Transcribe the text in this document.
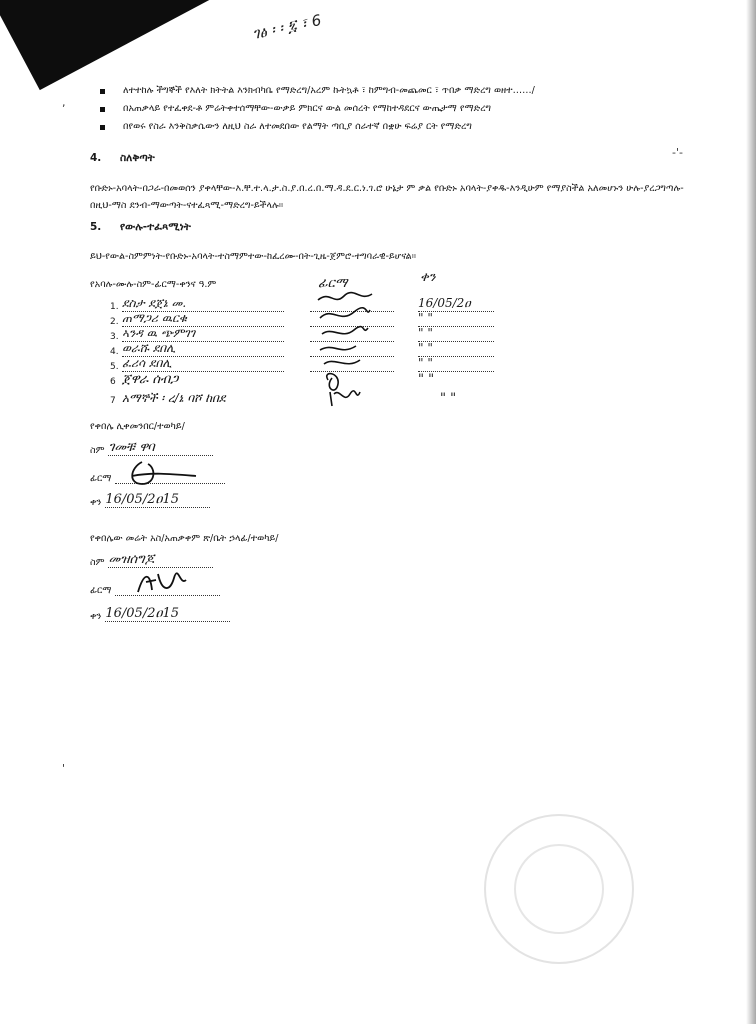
ገፅ ፡ ፡ ፯ ፣ 6
ለተተከሉ ችግኞች የእለት ክትትል እንክብካቤ የማድረግ/አረም ኩትኳቶ ፣ ከምግብ-መጨመር ፣ ጥበቃ ማድረግ ወዘተ……/
በአጠቃላይ የተፈቀደ-ቶ ምሬትቀተሰማቸው-ውቃይ ምክርና ውል መሰረት የማከተዳደርና ውጤታማ የማድረግ
በየወሩ የስራ እንቅስቃሴውን ለዚህ ስራ ለተመደበው የልማት ጣቢያ ሰራተኛ በቋሁ ፍሬያ ርት የማድረግ
4. ስለቅጣት
የቡድኑ-አባላት-በጋራ-በመወሰን ያቀላቸው-እ.ቸ.ተ.ላ.ታ.ስ.ያ.በ.ረ.በ.ማ.ዳ.ደ.ር.ነ.ገ.ሮ ሁኔታ ም ቃል የቡድኑ አባላት-ያቀዱ-እንዲሁም የማያስችል አለመሆኑን ሁሉ-ያረጋግጣሉ-በዚህ-ማስ ደንብ-ማውጣት-ናተፈጻሚ-ማድረግ-ይችላሉ።
5. የውሉ-ተፈጻሚነት
ይህ-የውል-ስምምነት-የቡድኑ-አባላት-ተስማምተው-ከፈረሙ-በት-ጊዜ-ጀምሮ-ተግባራዊ-ይሆናል።
የአባሉ-ሙሉ-ስም-ፊርማ-ቀንና ዓ.ም	ፊርማ	ቀን
1. ደስታ ደጀኔ መ.	16/05/2ዐ
2. ጠማጋሪ ዉርቁ	" "
3. ኣንዳ ዉ ጭምገገ	" "
4. ወራሹ ደበሊ	" "
5. ፈሪሳ ደበሊ	" "
6 ጀዋራ ሰብጋ	" "
7 አማኞች ፡ ረ/ኔ ባሾ ከበደ	" "
የቀበሌ ሊቀመንበር/ተወካይ/
ስም ገመቹ ዋባ
ፊርማ
ቀን 16/05/2ዐ15
የቀበሌው መሬት አስ/አጠቃቀም ጽ/ቤት ኃላፊ/ተወካይ/
ስም መዝሰግጆ
ፊርማ
ቀን 16/05/2ዐ15
,
-'-
'
